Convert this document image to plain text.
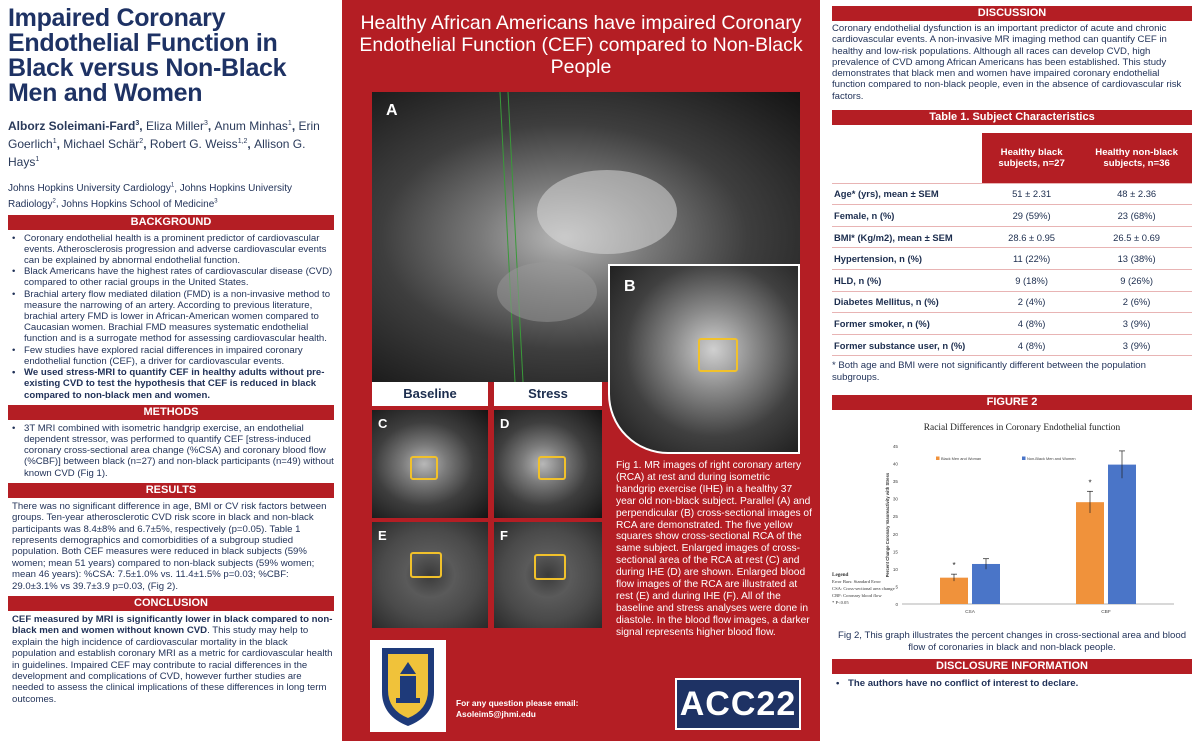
Impaired Coronary Endothelial Function in Black versus Non-Black Men and Women
Alborz Soleimani-Fard$^3$, Eliza Miller$^3$, Anum Minhas$^1$, Erin Goerlich$^1$, Michael Schär$^2$, Robert G. Weiss$^{1,2}$, Allison G. Hays$^1$
Johns Hopkins University Cardiology$^1$, Johns Hopkins University Radiology$^2$, Johns Hopkins School of Medicine$^3$
BACKGROUND
• Coronary endothelial health is a prominent predictor of cardiovascular events. Atherosclerosis progression and adverse cardiovascular events can be explained by abnormal endothelial function.
• Black Americans have the highest rates of cardiovascular disease (CVD) compared to other racial groups in the United States.
• Brachial artery flow mediated dilation (FMD) is a non-invasive method to measure the narrowing of an artery. According to previous literature, brachial artery FMD is lower in African-American women compared to Caucasian women. Brachial FMD measures systematic endothelial function and is a surrogate method for assessing cardiovascular health.
• Few studies have explored racial differences in impaired coronary endothelial function (CEF), a driver for cardiovascular events.
• We used stress-MRI to quantify CEF in healthy adults without pre-existing CVD to test the hypothesis that CEF is reduced in black compared to non-black men and women.
METHODS
• 3T MRI combined with isometric handgrip exercise, an endothelial dependent stressor, was performed to quantify CEF [stress-induced coronary cross-sectional area change (%CSA) and coronary blood flow (%CBF)] between black (n=27) and non-black participants (n=49) without known CVD (Fig 1).
RESULTS
There was no significant difference in age, BMI or CV risk factors between groups. Ten-year atherosclerotic CVD risk score in black and non-black participants was 8.4±8% and 6.7±5%, respectively (p=0.05). Table 1 represents demographics and comorbidities of a subgroup studied population. Both CEF measures were reduced in black subjects (59% women; mean 51 years) compared to non-black subjects (59% women; mean 46 years): %CSA: 7.5±1.0% vs. 11.4±1.5% p=0.03; %CBF: 29.0±3.1% vs 39.7±3.9 p=0.03, (Fig 2).
CONCLUSION
CEF measured by MRI is significantly lower in black compared to non-black men and women without known CVD. This study may help to explain the high incidence of cardiovascular mortality in the black population and establish coronary MRI as a metric for cardiovascular health in guidelines. Impaired CEF may contribute to racial differences in the development and complications of CVD, however further studies are needed to assess the clinical implications of these differences in long term outcomes.
Healthy African Americans have impaired Coronary Endothelial Function (CEF) compared to Non-Black People
A
B
Baseline	Stress
C	D
E	F
Fig 1. MR images of right coronary artery (RCA) at rest and during isometric handgrip exercise (IHE) in a healthy 37 year old non-black subject. Parallel (A) and perpendicular (B) cross-sectional images of RCA are demonstrated. The five yellow squares show cross-sectional RCA of the same subject. Enlarged images of cross-sectional area of the RCA at rest (C) and during IHE (D) are shown. Enlarged blood flow images of the RCA are illustrated at rest (E) and during IHE (F). All of the baseline and stress analyses were done in diastole. In the blood flow images, a darker signal represents higher blood flow.
For any question please email:
Asoleim5@jhmi.edu	ACC22
DISCUSSION
Coronary endothelial dysfunction is an important predictor of acute and chronic cardiovascular events. A non-invasive MR imaging method can quantify CEF in healthy and low-risk populations. Although all races can develop CVD, high prevalence of CVD among African Americans has been established. This study demonstrates that black men and women have impaired coronary endothelial function compared to non-black people, even in the absence of cardiovascular risk factors.
Table 1. Subject Characteristics
	Healthy black subjects, n=27	Healthy non-black subjects, n=36
Age* (yrs), mean ± SEM	51 ± 2.31	48 ± 2.36
Female, n (%)	29 (59%)	23 (68%)
BMI* (Kg/m2), mean ± SEM	28.6 ± 0.95	26.5 ± 0.69
Hypertension, n (%)	11 (22%)	13 (38%)
HLD, n (%)	9 (18%)	9 (26%)
Diabetes Mellitus, n (%)	2 (4%)	2 (6%)
Former smoker, n (%)	4 (8%)	3 (9%)
Former substance user, n (%)	4 (8%)	3 (9%)
* Both age and BMI were not significantly different between the population subgroups.
FIGURE 2
Racial Differences in Coronary Endothelial function
Percent Change Coronary Vasoreactivity with Stress
0
5
10
15
20
25
30
35
40
45
*
CSA
*
CBF
Black Men and Woman	Non-Black Men and Women
Legend
Error Bars: Standard Error
CSA: Cross-sectional area change
CBF: Coronary blood flow
* P<0.05
Fig 2, This graph illustrates the percent changes in cross-sectional area and blood flow of coronaries in black and non-black people.
DISCLOSURE INFORMATION
• The authors have no conflict of interest to declare.
